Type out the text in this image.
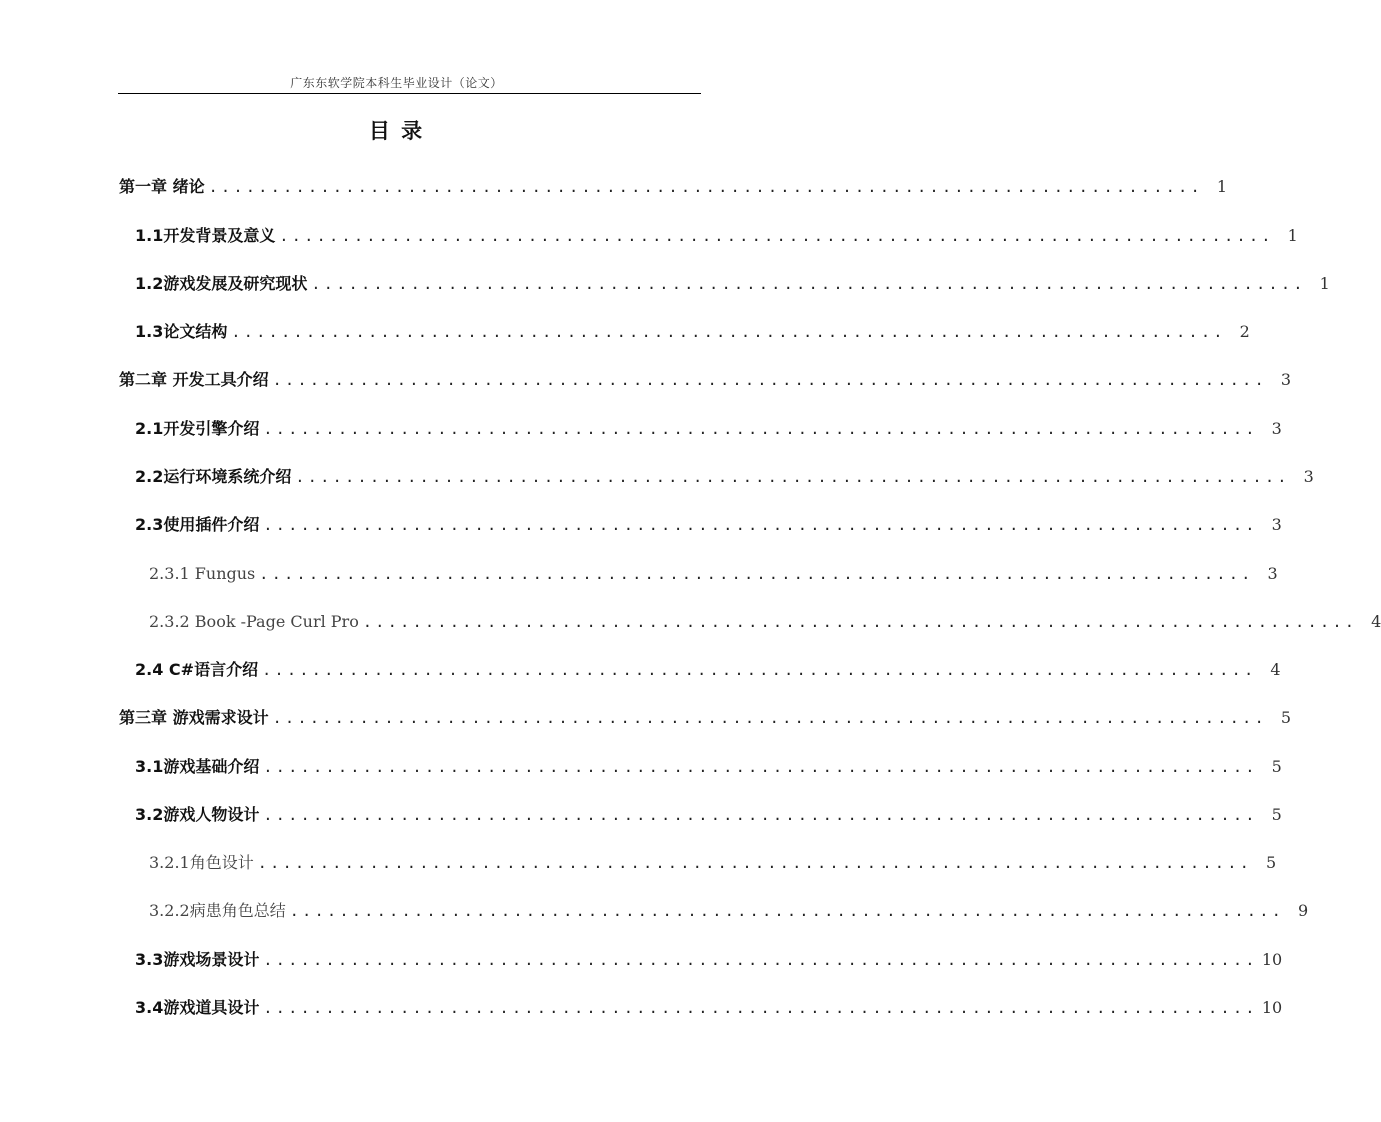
广东东软学院本科生毕业设计（论文）
目 录
第一章 绪论 ................................................................................ 1
1.1开发背景及意义 ................................................................................ 1
1.2游戏发展及研究现状 ................................................................................ 1
1.3论文结构 ................................................................................ 2
第二章 开发工具介绍 ................................................................................ 3
2.1开发引擎介绍 ................................................................................ 3
2.2运行环境系统介绍 ................................................................................ 3
2.3使用插件介绍 ................................................................................ 3
2.3.1 Fungus ................................................................................ 3
2.3.2 Book -Page Curl Pro ................................................................................ 4
2.4 C#语言介绍 ................................................................................ 4
第三章 游戏需求设计 ................................................................................ 5
3.1游戏基础介绍 ................................................................................ 5
3.2游戏人物设计 ................................................................................ 5
3.2.1角色设计 ................................................................................ 5
3.2.2病患角色总结 ................................................................................ 9
3.3游戏场景设计 ................................................................................ 10
3.4游戏道具设计 ................................................................................ 10
